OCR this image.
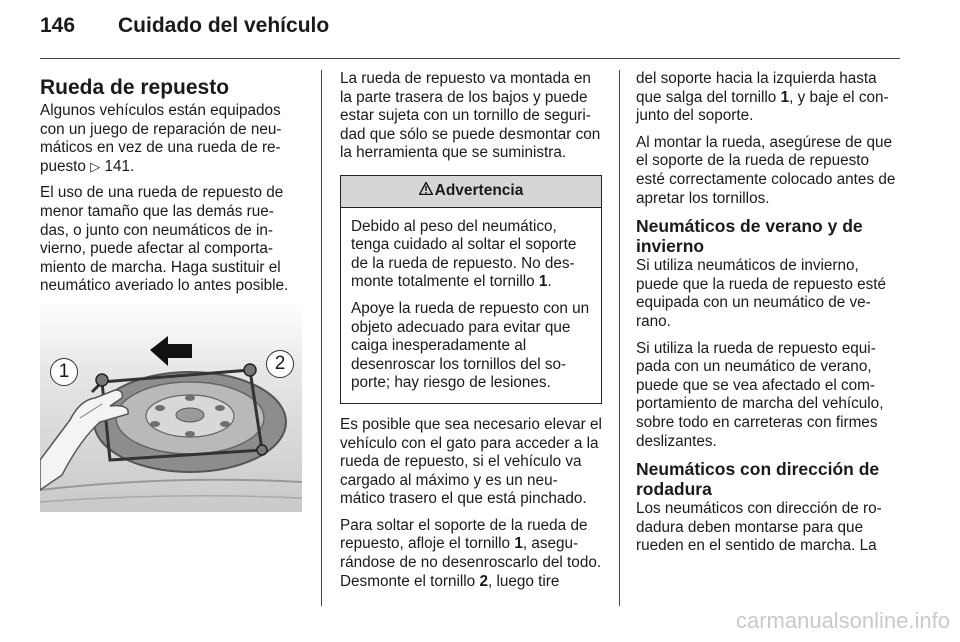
146 Cuidado del vehículo
Rueda de repuesto

Algunos vehículos están equipados con un juego de reparación de neu-máticos en vez de una rueda de re-puesto ▷ 141.

El uso de una rueda de repuesto de menor tamaño que las demás rue-das, o junto con neumáticos de in-vierno, puede afectar al comporta-miento de marcha. Haga sustituir el neumático averiado lo antes posible.

1	2

La rueda de repuesto va montada en la parte trasera de los bajos y puede estar sujeta con un tornillo de seguri-dad que sólo se puede desmontar con la herramienta que se suministra.

Advertencia

Debido al peso del neumático, tenga cuidado al soltar el soporte de la rueda de repuesto. No des-monte totalmente el tornillo 1.

Apoye la rueda de repuesto con un objeto adecuado para evitar que caiga inesperadamente al desenroscar los tornillos del so-porte; hay riesgo de lesiones.

Es posible que sea necesario elevar el vehículo con el gato para acceder a la rueda de repuesto, si el vehículo va cargado al máximo y es un neu-mático trasero el que está pinchado.

Para soltar el soporte de la rueda de repuesto, afloje el tornillo 1, asegu-rándose de no desenroscarlo del todo. Desmonte el tornillo 2, luego tire

del soporte hacia la izquierda hasta que salga del tornillo 1, y baje el con-junto del soporte.

Al montar la rueda, asegúrese de que el soporte de la rueda de repuesto esté correctamente colocado antes de apretar los tornillos.

Neumáticos de verano y de invierno

Si utiliza neumáticos de invierno, puede que la rueda de repuesto esté equipada con un neumático de ve-rano.

Si utiliza la rueda de repuesto equi-pada con un neumático de verano, puede que se vea afectado el com-portamiento de marcha del vehículo, sobre todo en carreteras con firmes deslizantes.

Neumáticos con dirección de rodadura

Los neumáticos con dirección de ro-dadura deben montarse para que rueden en el sentido de marcha. La

carmanualsonline.info
